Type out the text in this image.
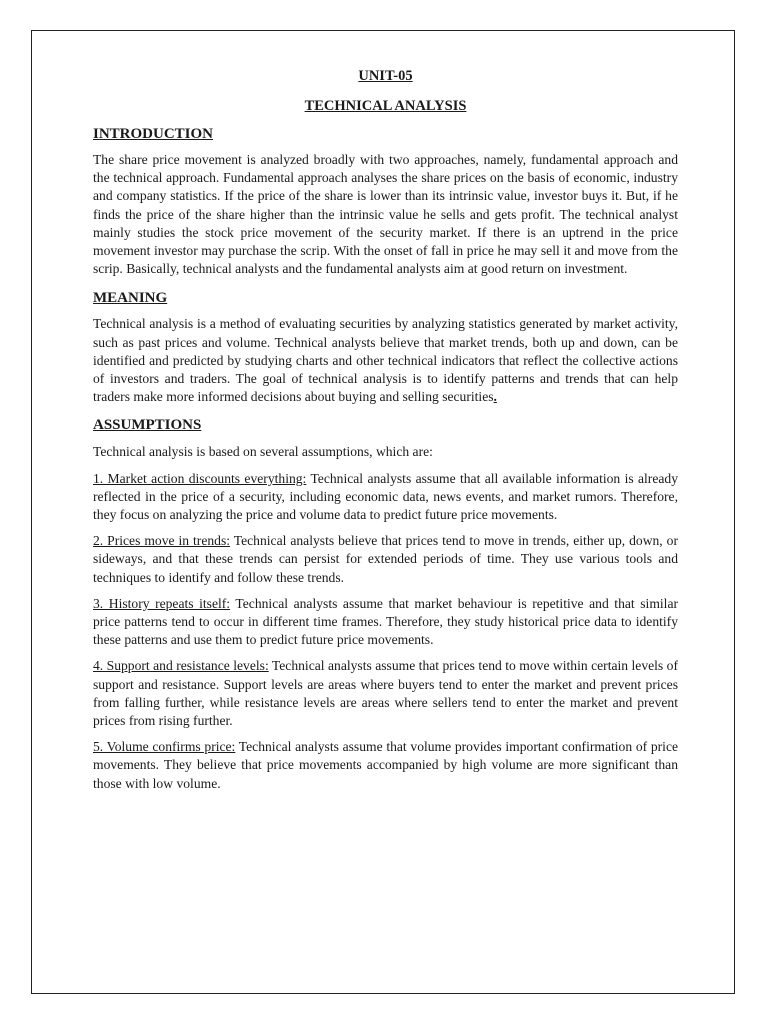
UNIT-05
TECHNICAL ANALYSIS
INTRODUCTION

The share price movement is analyzed broadly with two approaches, namely, fundamental approach and the technical approach. Fundamental approach analyses the share prices on the basis of economic, industry and company statistics. If the price of the share is lower than its intrinsic value, investor buys it. But, if he finds the price of the share higher than the intrinsic value he sells and gets profit. The technical analyst mainly studies the stock price movement of the security market. If there is an uptrend in the price movement investor may purchase the scrip. With the onset of fall in price he may sell it and move from the scrip. Basically, technical analysts and the fundamental analysts aim at good return on investment.

MEANING

Technical analysis is a method of evaluating securities by analyzing statistics generated by market activity, such as past prices and volume. Technical analysts believe that market trends, both up and down, can be identified and predicted by studying charts and other technical indicators that reflect the collective actions of investors and traders. The goal of technical analysis is to identify patterns and trends that can help traders make more informed decisions about buying and selling securities.

ASSUMPTIONS

Technical analysis is based on several assumptions, which are:

1. Market action discounts everything: Technical analysts assume that all available information is already reflected in the price of a security, including economic data, news events, and market rumors. Therefore, they focus on analyzing the price and volume data to predict future price movements.

2. Prices move in trends: Technical analysts believe that prices tend to move in trends, either up, down, or sideways, and that these trends can persist for extended periods of time. They use various tools and techniques to identify and follow these trends.

3. History repeats itself: Technical analysts assume that market behaviour is repetitive and that similar price patterns tend to occur in different time frames. Therefore, they study historical price data to identify these patterns and use them to predict future price movements.

4. Support and resistance levels: Technical analysts assume that prices tend to move within certain levels of support and resistance. Support levels are areas where buyers tend to enter the market and prevent prices from falling further, while resistance levels are areas where sellers tend to enter the market and prevent prices from rising further.

5. Volume confirms price: Technical analysts assume that volume provides important confirmation of price movements. They believe that price movements accompanied by high volume are more significant than those with low volume.
